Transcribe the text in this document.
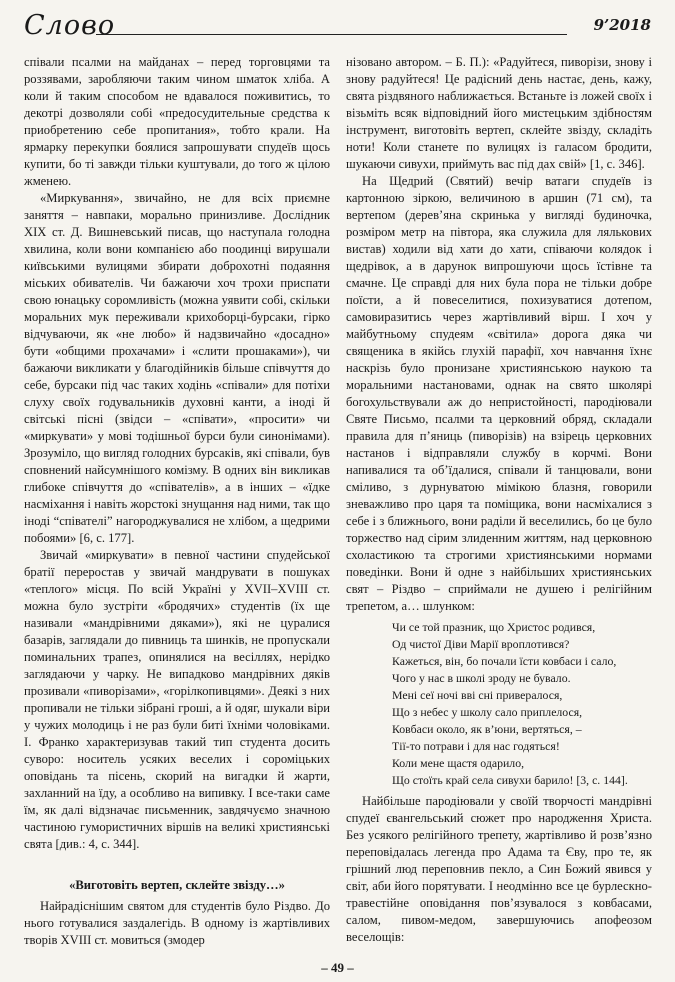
Слово	9’2018

співали псалми на майданах – перед торговцями та роззявами, заробляючи таким чином шматок хліба. А коли й таким способом не вдавалося поживитись, то декотрі дозволяли собі «предосудительные средства к приобретению себе пропитания», тобто крали. На ярмарку перекупки боялися запрошувати спудеїв щось купити, бо ті завжди тільки куштували, до того ж цілою жменею.

«Миркування», звичайно, не для всіх приємне заняття – навпаки, морально принизливе. Дослідник XIX ст. Д. Вишневський писав, що наступала голодна хвилина, коли вони компанією або поодинці вирушали київськими вулицями збирати доброхотні подаяння міських обивателів. Чи бажаючи хоч трохи приспати свою юнацьку соромливість (можна уявити собі, скільки моральних мук переживали крихоборці-бурсаки, гірко відчуваючи, як «не любо» й надзвичайно «досадно» бути «общими прохачами» і «слити прошаками»), чи бажаючи викликати у благодійників більше співчуття до себе, бурсаки під час таких ходінь «співали» для потіхи слуху своїх годувальників духовні канти, а іноді й світські пісні (звідси – «співати», «просити» чи «миркувати» у мові тодішньої бурси були синонімами). Зрозуміло, що вигляд голодних бурсаків, які співали, був сповнений найсумнішого комізму. В одних він викликав глибоке співчуття до «співателів», а в інших – «їдке насміхання і навіть жорстокі знущання над ними, так що іноді “співателі” нагороджувалися не хлібом, а щедрими побоями» [6, с. 177].

Звичай «миркувати» в певної частини спудейської братії переростав у звичай мандрувати в пошуках «теплого» місця. По всій Україні у XVII–XVIII ст. можна було зустріти «бродячих» студентів (їх ще називали «мандрівними дяками»), які не цуралися базарів, заглядали до пивниць та шинків, не пропускали поминальних трапез, опинялися на весіллях, нерідко заглядаючи у чарку. Не випадково мандрівних дяків прозивали «пиворізами», «горілкопивцями». Деякі з них пропивали не тільки зібрані гроші, а й одяг, шукали віри у чужих молодиць і не раз були биті їхніми чоловіками. І. Франко характеризував такий тип студента досить суворо: носитель усяких веселих і сороміцьких оповідань та пісень, скорий на вигадки й жарти, захланний на їду, а особливо на випивку. І все-таки саме їм, як далі відзначає письменник, завдячуємо значною частиною гумористичних віршів на великі християнські свята [див.: 4, с. 344].

«Виготовіть вертеп, склейте звізду…»

Найрадіснішим святом для студентів було Різдво. До нього готувалися заздалегідь. В одному із жартівливих творів XVIII ст. мовиться (змодер

нізовано автором. – Б. П.): «Радуйтеся, пиворізи, знову і знову радуйтеся! Це радісний день настає, день, кажу, свята різдвяного наближається. Встаньте із ложей своїх і візьміть всяк відповідний його мистецьким здібностям інструмент, виготовіть вертеп, склейте звізду, складіть ноти! Коли станете по вулицях із галасом бродити, шукаючи сивухи, приймуть вас під дах свій» [1, с. 346].

На Щедрий (Святий) вечір ватаги спудеїв із картонною зіркою, величиною в аршин (71 см), та вертепом (дерев’яна скринька у вигляді будиночка, розміром метр на півтора, яка служила для лялькових вистав) ходили від хати до хати, співаючи колядок і щедрівок, а в дарунок випрошуючи щось їстівне та смачне. Це справді для них була пора не тільки добре поїсти, а й повеселитися, похизуватися дотепом, самовиразитись через жартівливий вірш. І хоч у майбутньому спудеям «світила» дорога дяка чи священика в якійсь глухій парафії, хоч навчання їхнє наскрізь було пронизане християнською наукою та моральними настановами, однак на свято школярі богохульствували аж до непристойності, пародіювали Святе Письмо, псалми та церковний обряд, складали правила для п’яниць (пиворізів) на взірець церковних настанов і відправляли службу в корчмі. Вони напивалися та об’їдалися, співали й танцювали, вони сміливо, з дурнуватою мімікою блазня, говорили зневажливо про царя та поміщика, вони насміхалися з себе і з ближнього, вони раділи й веселились, бо це було торжество над сірим злиденним життям, над церковною схоластикою та строгими християнськими нормами поведінки. Вони й одне з найбільших християнських свят – Різдво – сприймали не душею і релігійним трепетом, а… шлунком:

Чи се той празник, що Христос родився,
Од чистої Діви Марії вроплотився?
Кажеться, він, бо почали їсти ковбаси і сало,
Чого у нас в школі зроду не бувало.
Мені сеї ночі вві сні привералося,
Що з небес у школу сало приплелося,
Ковбаси около, як в’юни, вертяться, –
Тії-то потрави і для нас годяться!
Коли мене щастя одарило,
Що стоїть край села сивухи барило! [3, с. 144].

Найбільше пародіювали у своїй творчості мандрівні спудеї євангельський сюжет про народження Христа. Без усякого релігійного трепету, жартівливо й розв’язно переповідалась легенда про Адама та Єву, про те, як грішний люд переповнив пекло, а Син Божий явився у світ, аби його порятувати. І неодмінно все це бурлескно-травестійне оповідання пов’язувалося з ковбасами, салом, пивом-медом, завершуючись апофеозом веселощів:

– 49 –
